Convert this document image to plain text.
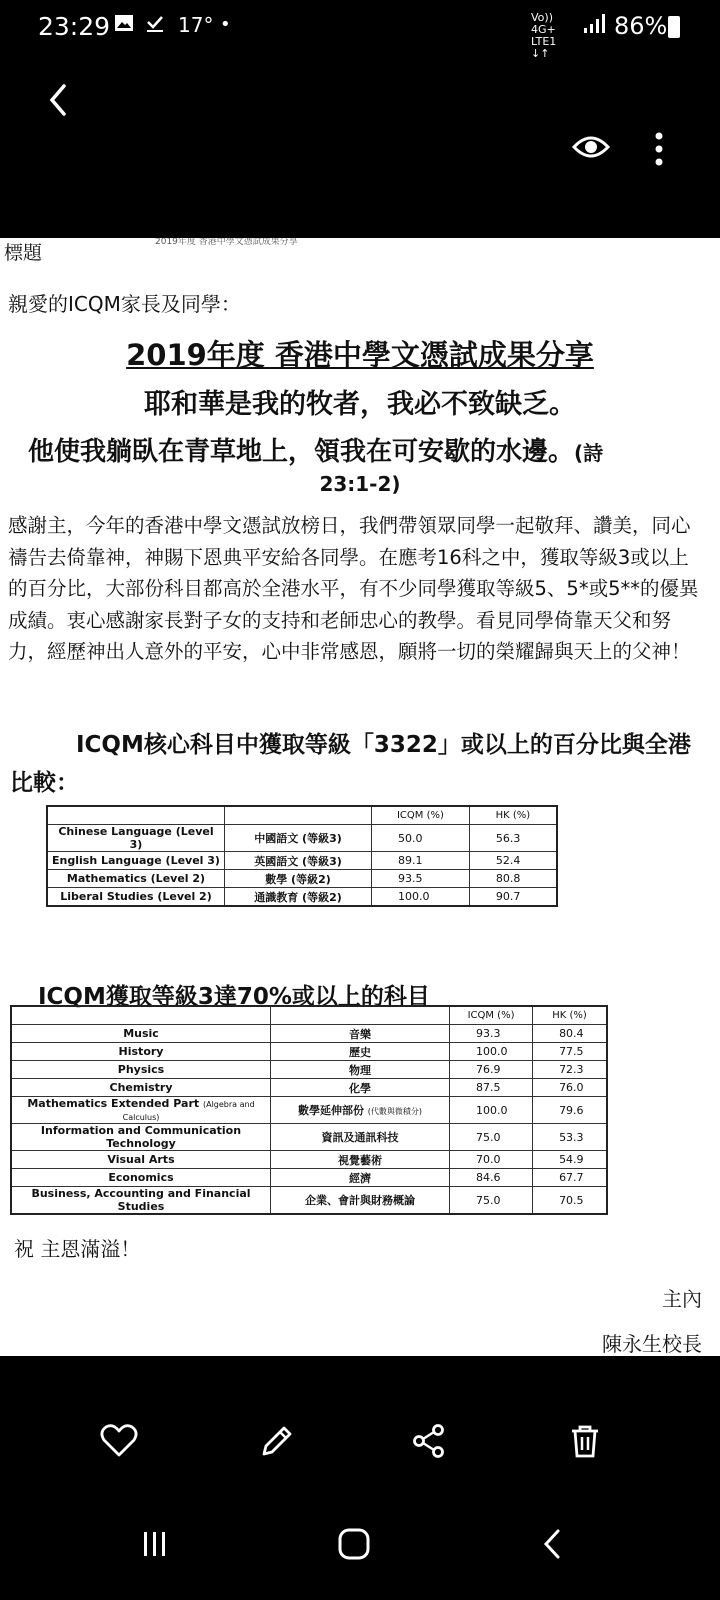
23:29
	17° •	Vo)) 4G+
LTE1 ↓↑
86%
2019年度 香港中學文憑試成果分享
標題
親愛的ICQM家長及同學：
2019年度 香港中學文憑試成果分享
耶和華是我的牧者，我必不致缺乏。
他使我躺臥在青草地上，領我在可安歇的水邊。(詩
23:1-2)
感謝主，今年的香港中學文憑試放榜日，我們帶領眾同學一起敬拜、讚美，同心禱告去倚靠神，神賜下恩典平安給各同學。在應考16科之中，獲取等級3或以上的百分比，大部份科目都高於全港水平，有不少同學獲取等級5、5*或5**的優異成績。衷心感謝家長對子女的支持和老師忠心的教學。看見同學倚靠天父和努力，經歷神出人意外的平安，心中非常感恩，願將一切的榮耀歸與天上的父神！
ICQM核心科目中獲取等級「3322」或以上的百分比與全港比較：
		ICQM (%)	HK (%)
Chinese Language (Level 3)	中國語文 (等級3)	50.0	56.3
English Language (Level 3)	英國語文 (等級3)	89.1	52.4
Mathematics (Level 2)	數學 (等級2)	93.5	80.8
Liberal Studies (Level 2)	通識教育 (等級2)	100.0	90.7
ICQM獲取等級3達70%或以上的科目
		ICQM (%)	HK (%)
Music	音樂	93.3	80.4
History	歷史	100.0	77.5
Physics	物理	76.9	72.3
Chemistry	化學	87.5	76.0
Mathematics Extended Part (Algebra and Calculus)	數學延伸部份 (代數與微積分)	100.0	79.6
Information and Communication Technology	資訊及通訊科技	75.0	53.3
Visual Arts	視覺藝術	70.0	54.9
Economics	經濟	84.6	67.7
Business, Accounting and Financial Studies	企業、會計與財務概論	75.0	70.5
祝 主恩滿溢！
主內
陳永生校長
